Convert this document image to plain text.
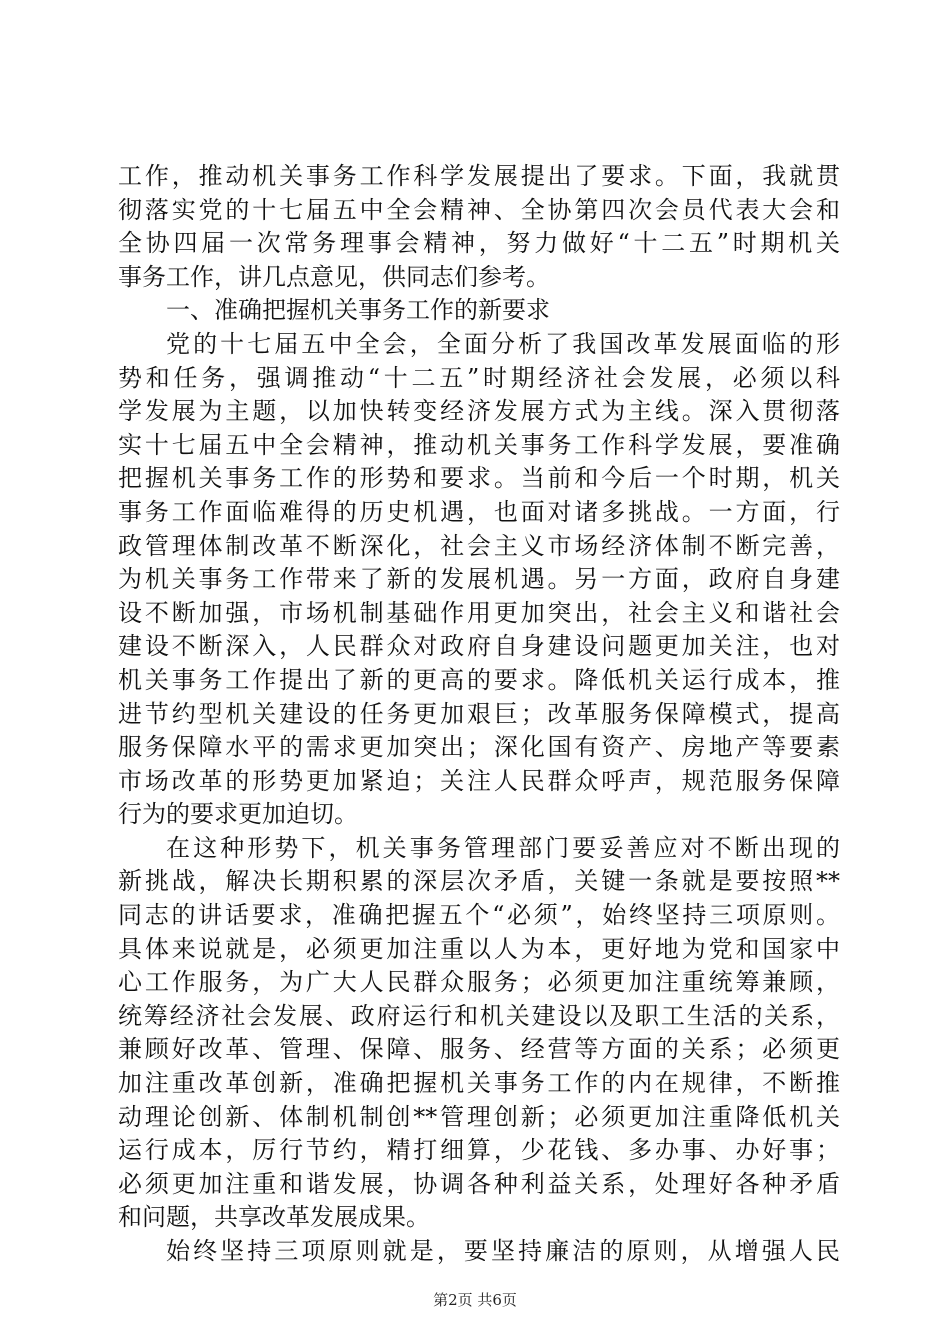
工作，推动机关事务工作科学发展提出了要求。下面，我就贯
彻落实党的十七届五中全会精神、全协第四次会员代表大会和
全协四届一次常务理事会精神，努力做好“十二五”时期机关
事务工作，讲几点意见，供同志们参考。
一、准确把握机关事务工作的新要求
党的十七届五中全会，全面分析了我国改革发展面临的形
势和任务，强调推动“十二五”时期经济社会发展，必须以科
学发展为主题，以加快转变经济发展方式为主线。深入贯彻落
实十七届五中全会精神，推动机关事务工作科学发展，要准确
把握机关事务工作的形势和要求。当前和今后一个时期，机关
事务工作面临难得的历史机遇，也面对诸多挑战。一方面，行
政管理体制改革不断深化，社会主义市场经济体制不断完善，
为机关事务工作带来了新的发展机遇。另一方面，政府自身建
设不断加强，市场机制基础作用更加突出，社会主义和谐社会
建设不断深入，人民群众对政府自身建设问题更加关注，也对
机关事务工作提出了新的更高的要求。降低机关运行成本，推
进节约型机关建设的任务更加艰巨；改革服务保障模式，提高
服务保障水平的需求更加突出；深化国有资产、房地产等要素
市场改革的形势更加紧迫；关注人民群众呼声，规范服务保障
行为的要求更加迫切。
在这种形势下，机关事务管理部门要妥善应对不断出现的
新挑战，解决长期积累的深层次矛盾，关键一条就是要按照**
同志的讲话要求，准确把握五个“必须”，始终坚持三项原则。
具体来说就是，必须更加注重以人为本，更好地为党和国家中
心工作服务，为广大人民群众服务；必须更加注重统筹兼顾，
统筹经济社会发展、政府运行和机关建设以及职工生活的关系，
兼顾好改革、管理、保障、服务、经营等方面的关系；必须更
加注重改革创新，准确把握机关事务工作的内在规律，不断推
动理论创新、体制机制创**管理创新；必须更加注重降低机关
运行成本，厉行节约，精打细算，少花钱、多办事、办好事；
必须更加注重和谐发展，协调各种利益关系，处理好各种矛盾
和问题，共享改革发展成果。
始终坚持三项原则就是，要坚持廉洁的原则，从增强人民
第2页 共6页
